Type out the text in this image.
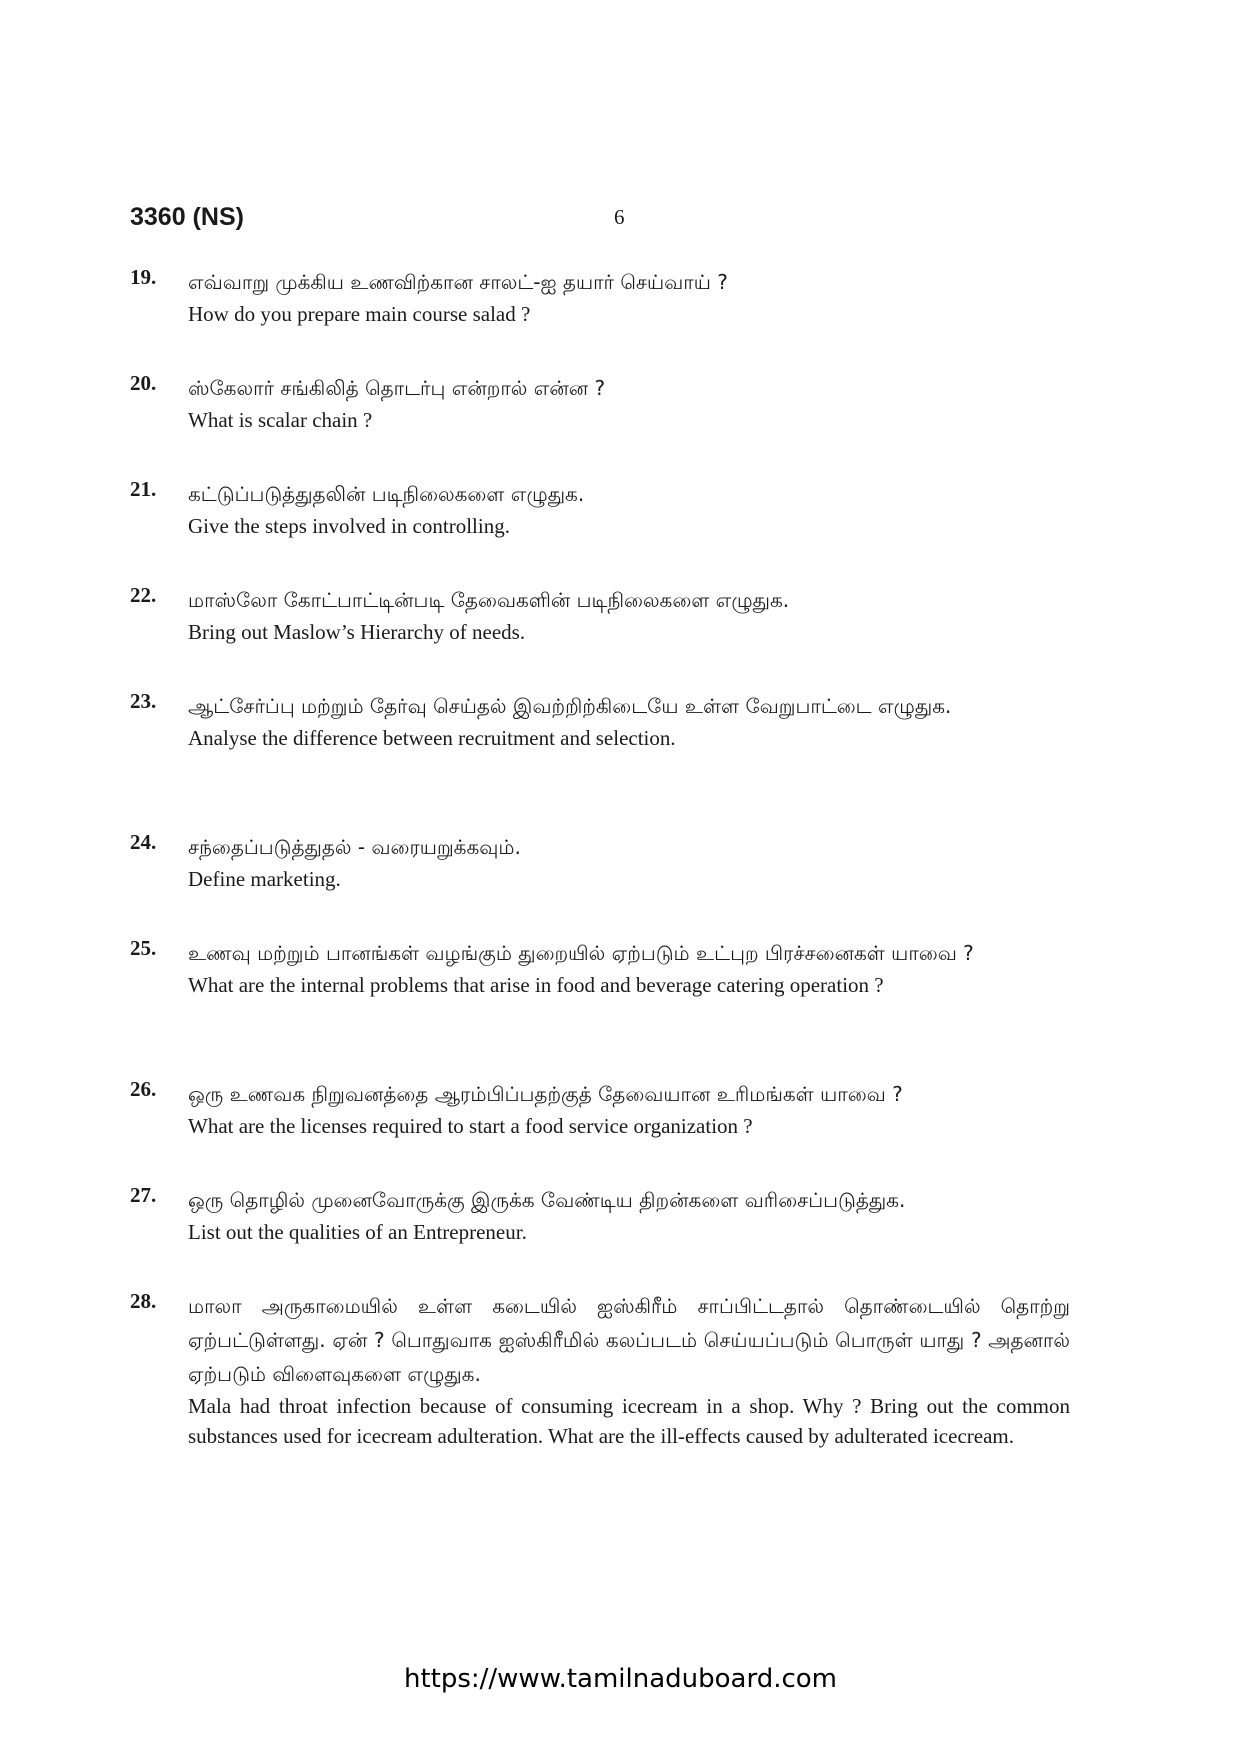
3360 (NS)	6
19. எவ்வாறு முக்கிய உணவிற்கான சாலட்-ஐ தயார் செய்வாய் ?
How do you prepare main course salad ?
20. ஸ்கேலார் சங்கிலித் தொடர்பு என்றால் என்ன ?
What is scalar chain ?
21. கட்டுப்படுத்துதலின் படிநிலைகளை எழுதுக.
Give the steps involved in controlling.
22. மாஸ்லோ கோட்பாட்டின்படி தேவைகளின் படிநிலைகளை எழுதுக.
Bring out Maslow’s Hierarchy of needs.
23. ஆட்சேர்ப்பு மற்றும் தேர்வு செய்தல் இவற்றிற்கிடையே உள்ள வேறுபாட்டை எழுதுக.
Analyse the difference between recruitment and selection.
24. சந்தைப்படுத்துதல் - வரையறுக்கவும்.
Define marketing.
25. உணவு மற்றும் பானங்கள் வழங்கும் துறையில் ஏற்படும் உட்புற பிரச்சனைகள் யாவை ?
What are the internal problems that arise in food and beverage catering operation ?
26. ஒரு உணவக நிறுவனத்தை ஆரம்பிப்பதற்குத் தேவையான உரிமங்கள் யாவை ?
What are the licenses required to start a food service organization ?
27. ஒரு தொழில் முனைவோருக்கு இருக்க வேண்டிய திறன்களை வரிசைப்படுத்துக.
List out the qualities of an Entrepreneur.
28. மாலா அருகாமையில் உள்ள கடையில் ஐஸ்கிரீம் சாப்பிட்டதால் தொண்டையில் தொற்று ஏற்பட்டுள்ளது. ஏன் ? பொதுவாக ஐஸ்கிரீமில் கலப்படம் செய்யப்படும் பொருள் யாது ? அதனால் ஏற்படும் விளைவுகளை எழுதுக.
Mala had throat infection because of consuming icecream in a shop. Why ? Bring out the common substances used for icecream adulteration. What are the ill-effects caused by adulterated icecream.
https://www.tamilnaduboard.com
